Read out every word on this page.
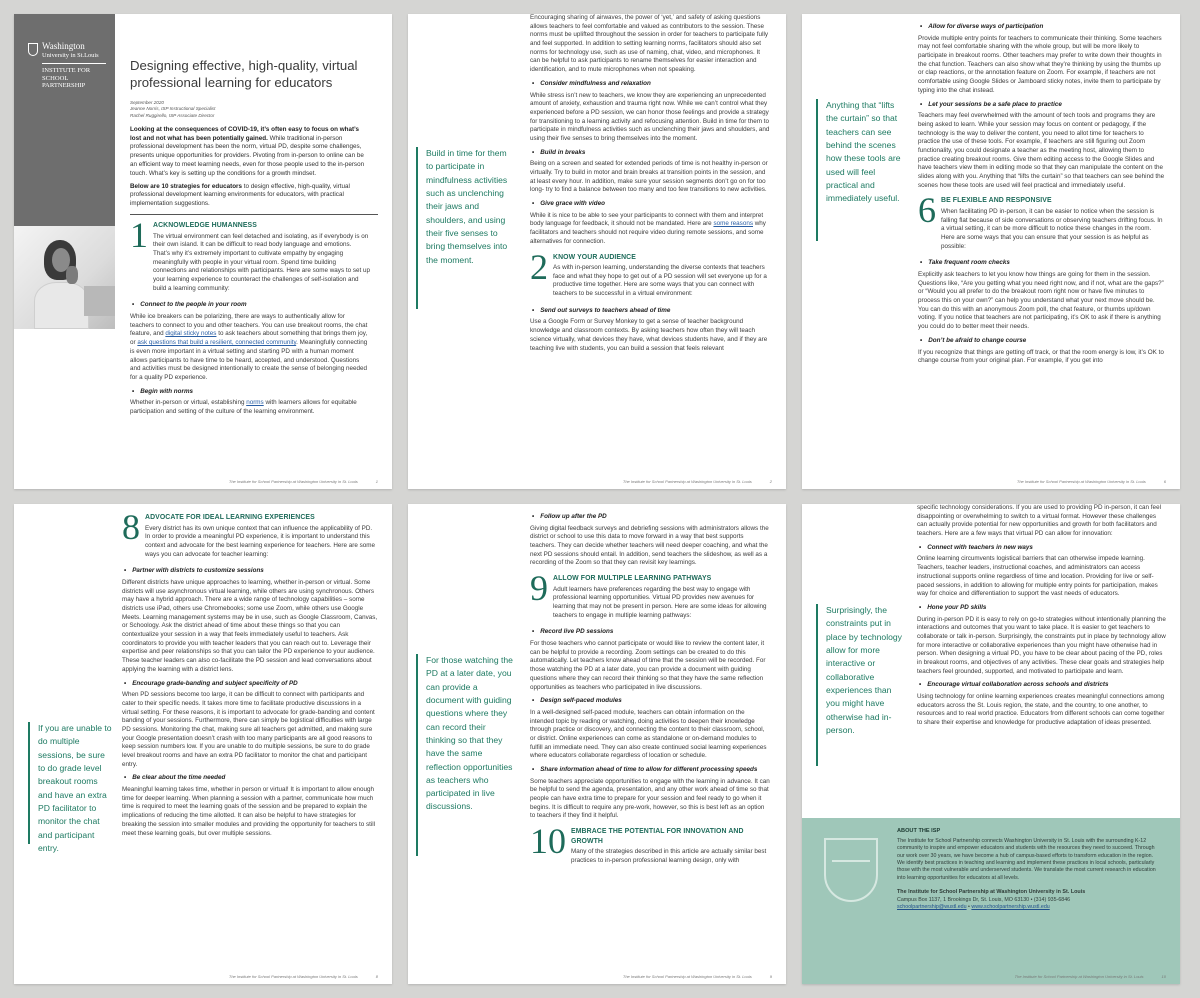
Washington
University in St.Louis
INSTITUTE FOR
SCHOOL PARTNERSHIP
Designing effective, high-quality, virtual professional learning for educators
September 2020
Jeanne Norris, ISP Instructional Specialist
Rachel Ruggirello, ISP Associate Director
Looking at the consequences of COVID-19, it’s often easy to focus on what’s lost and not what has been potentially gained. While traditional in-person professional development has been the norm, virtual PD, despite some challenges, presents unique opportunities for providers. Pivoting from in-person to online can be an efficient way to meet learning needs, even for those people used to the in-person touch. What’s key is setting up the conditions for a growth mindset.
Below are 10 strategies for educators to design effective, high-quality, virtual professional development learning environments for educators, with practical implementation suggestions.
1 ACKNOWLEDGE HUMANNESS

The virtual environment can feel detached and isolating, as if everybody is on their own island. It can be difficult to read body language and emotions. That’s why it’s extremely important to cultivate empathy by engaging meaningfully with people in your virtual room. Spend time building connections and relationships with participants. Here are some ways to set up your learning experience to counteract the challenges of self-isolation and build a learning community:

• Connect to the people in your room

While ice breakers can be polarizing, there are ways to authentically allow for teachers to connect to you and other teachers. You can use breakout rooms, the chat feature, and digital sticky notes to ask teachers about something that brings them joy, or ask questions that build a resilient, connected community. Meaningfully connecting is even more important in a virtual setting and starting PD with a human moment allows participants to have time to be heard, accepted, and understood. Questions and activities must be designed intentionally to create the sense of belonging needed for a quality PD experience.

• Begin with norms

Whether in-person or virtual, establishing norms with learners allows for equitable participation and setting of the culture of the learning environment.

The Institute for School Partnership at Washington University in St. Louis	1
Build in time for them to participate in mindfulness activities such as unclenching their jaws and shoulders, and using their five senses to bring themselves into the moment.

Encouraging sharing of airwaves, the power of ‘yet,’ and safety of asking questions allows teachers to feel comfortable and valued as contributors to the session. These norms must be uplifted throughout the session in order for teachers to participate fully and feel supported. In addition to setting learning norms, facilitators should also set norms for technology use, such as use of naming, chat, video, and microphones. It can be helpful to ask participants to rename themselves for easier interaction and identification, and to mute microphones when not speaking.

• Consider mindfulness and relaxation

While stress isn’t new to teachers, we know they are experiencing an unprecedented amount of anxiety, exhaustion and trauma right now. While we can’t control what they experienced before a PD session, we can honor those feelings and provide a strategy for transitioning to a learning activity and refocusing attention. Build in time for them to participate in mindfulness activities such as unclenching their jaws and shoulders, and using their five senses to bring themselves into the moment.

• Build in breaks

Being on a screen and seated for extended periods of time is not healthy in-person or virtually. Try to build in motor and brain breaks at transition points in the session, and at least every hour. In addition, make sure your session segments don’t go on for too long- try to find a balance between too many and too few transitions to new activities.

• Give grace with video

While it is nice to be able to see your participants to connect with them and interpret body language for feedback, it should not be mandated. Here are some reasons why facilitators and teachers should not require video during remote sessions, and some alternatives for connection.

2 KNOW YOUR AUDIENCE

As with in-person learning, understanding the diverse contexts that teachers face and what they hope to get out of a PD session will set everyone up for a productive time together. Here are some ways that you can connect with teachers to be successful in a virtual environment:

• Send out surveys to teachers ahead of time

Use a Google Form or Survey Monkey to get a sense of teacher background knowledge and classroom contexts. By asking teachers how often they will teach science virtually, what devices they have, what devices students have, and if they are teaching live with students, you can build a session that feels relevant

The Institute for School Partnership at Washington University in St. Louis	2
Anything that “lifts the curtain” so that teachers can see behind the scenes how these tools are used will feel practical and immediately useful.
• Allow for diverse ways of participation

Provide multiple entry points for teachers to communicate their thinking. Some teachers may not feel comfortable sharing with the whole group, but will be more likely to participate in breakout rooms. Other teachers may prefer to write down their thoughts in the chat function. Teachers can also show what they’re thinking by using the thumbs up or clap reactions, or the annotation feature on Zoom. For example, if teachers are not comfortable using Google Slides or Jamboard sticky notes, invite them to participate by typing into the chat instead.

• Let your sessions be a safe place to practice

Teachers may feel overwhelmed with the amount of tech tools and programs they are being asked to learn. While your session may focus on content or pedagogy, if the technology is the way to deliver the content, you need to allot time for teachers to practice the use of these tools. For example, if teachers are still figuring out Zoom functionality, you could designate a teacher as the meeting host, allowing them to practice creating breakout rooms. Give them editing access to the Google Slides and have teachers view them in editing mode so that they can manipulate the content on the slides along with you. Anything that “lifts the curtain” so that teachers can see behind the scenes how these tools are used will feel practical and immediately useful.

6 BE FLEXIBLE AND RESPONSIVE

When facilitating PD in-person, it can be easier to notice when the session is falling flat because of side conversations or observing teachers drifting focus. In a virtual setting, it can be more difficult to notice these changes in the room. Here are some ways that you can ensure that your session is as helpful as possible:

• Take frequent room checks

Explicitly ask teachers to let you know how things are going for them in the session. Questions like, “Are you getting what you need right now, and if not, what are the gaps?” or “Would you all prefer to do the breakout room right now or have five minutes to process this on your own?” can help you understand what your next move should be. You can do this with an anonymous Zoom poll, the chat feature, or thumbs up/down voting. If you notice that teachers are not participating, it’s OK to ask if there is anything you could do to better meet their needs.

• Don’t be afraid to change course

If you recognize that things are getting off track, or that the room energy is low, it’s OK to change course from your original plan. For example, if you get into

The Institute for School Partnership at Washington University in St. Louis	6
If you are unable to do multiple sessions, be sure to do grade level breakout rooms and have an extra PD facilitator to monitor the chat and participant entry.
8 ADVOCATE FOR IDEAL LEARNING EXPERIENCES

Every district has its own unique context that can influence the applicability of PD. In order to provide a meaningful PD experience, it is important to understand this context and advocate for the best learning experience for teachers. Here are some ways you can advocate for teacher learning:

• Partner with districts to customize sessions

Different districts have unique approaches to learning, whether in-person or virtual. Some districts will use asynchronous virtual learning, while others are using synchronous. Others may have a hybrid approach. There are a wide range of technology capabilities – some districts use iPad, others use Chromebooks; some use Zoom, while others use Google Meets. Learning management systems may be in use, such as Google Classroom, Canvas, or Schoology. Ask the district ahead of time about these things so that you can contextualize your session in a way that feels immediately useful to teachers. Ask coordinators to provide you with teacher leaders that you can reach out to. Leverage their expertise and peer relationships so that you can tailor the PD experience to your audience. These teacher leaders can also co-facilitate the PD session and lead conversations about applying the learning with a district lens.

• Encourage grade-banding and subject specificity of PD

When PD sessions become too large, it can be difficult to connect with participants and cater to their specific needs. It takes more time to facilitate productive discussions in a virtual setting. For these reasons, it is important to advocate for grade-banding and content banding of your sessions. Furthermore, there can simply be logistical difficulties with large PD sessions. Monitoring the chat, making sure all teachers get admitted, and making sure your Google presentation doesn’t crash with too many participants are all good reasons to keep session numbers low. If you are unable to do multiple sessions, be sure to do grade level breakout rooms and have an extra PD facilitator to monitor the chat and participant entry.

• Be clear about the time needed

Meaningful learning takes time, whether in person or virtual! It is important to allow enough time for deeper learning. When planning a session with a partner, communicate how much time is required to meet the learning goals of the session and be prepared to explain the implications of reducing the time allotted. It can also be helpful to have strategies for breaking the session into smaller modules and providing the opportunity for teachers to still meet these learning goals, but over multiple sessions.

The Institute for School Partnership at Washington University in St. Louis	8
For those watching the PD at a later date, you can provide a document with guiding questions where they can record their thinking so that they have the same reflection opportunities as teachers who participated in live discussions.
• Follow up after the PD

Giving digital feedback surveys and debriefing sessions with administrators allows the district or school to use this data to move forward in a way that best supports teachers. They can decide whether teachers will need deeper coaching, and what the next PD sessions should entail. In addition, send teachers the slideshow, as well as a recording of the Zoom so that they can revisit key learnings.

9 ALLOW FOR MULTIPLE LEARNING PATHWAYS

Adult learners have preferences regarding the best way to engage with professional learning opportunities. Virtual PD provides new avenues for learning that may not be present in person. Here are some ideas for allowing teachers to engage in multiple learning pathways:

• Record live PD sessions

For those teachers who cannot participate or would like to review the content later, it can be helpful to provide a recording. Zoom settings can be created to do this automatically. Let teachers know ahead of time that the session will be recorded. For those watching the PD at a later date, you can provide a document with guiding questions where they can record their thinking so that they have the same reflection opportunities as teachers who participated in live discussions.

• Design self-paced modules

In a well-designed self-paced module, teachers can obtain information on the intended topic by reading or watching, doing activities to deepen their knowledge through practice or discovery, and connecting the content to their classroom, school, or district. Online experiences can come as standalone or on-demand modules to fulfill an immediate need. They can also create continued social learning experiences where educators collaborate regardless of location or schedule.

• Share information ahead of time to allow for different processing speeds

Some teachers appreciate opportunities to engage with the learning in advance. It can be helpful to send the agenda, presentation, and any other work ahead of time so that people can have extra time to prepare for your session and feel ready to go when it begins. It is difficult to require any pre-work, however, so this is best left as an option to teachers if they find it helpful.

10 EMBRACE THE POTENTIAL FOR INNOVATION AND GROWTH

Many of the strategies described in this article are actually similar best practices to in-person professional learning design, only with

The Institute for School Partnership at Washington University in St. Louis	9
Surprisingly, the constraints put in place by technology allow for more interactive or collaborative experiences than you might have otherwise had in-person.

specific technology considerations. If you are used to providing PD in-person, it can feel disappointing or overwhelming to switch to a virtual format. However these challenges can actually provide potential for new opportunities and growth for both facilitators and teachers. Here are a few ways that virtual PD can allow for innovation:

• Connect with teachers in new ways

Online learning circumvents logistical barriers that can otherwise impede learning. Teachers, teacher leaders, instructional coaches, and administrators can access instructional supports online regardless of time and location. Providing for live or self-paced sessions, in addition to allowing for multiple entry points for participation, makes way for choice and differentiation to support the vast needs of educators.

• Hone your PD skills

During in-person PD it is easy to rely on go-to strategies without intentionally planning the interactions and outcomes that you want to take place. It is easier to get teachers to collaborate or talk in-person. Surprisingly, the constraints put in place by technology allow for more interactive or collaborative experiences than you might have otherwise had in person. When designing a virtual PD, you have to be clear about pacing of the PD, roles in breakout rooms, and objectives of any activities. These clear goals and strategies help teachers feel grounded, supported, and motivated to participate and learn.

• Encourage virtual collaboration across schools and districts

Using technology for online learning experiences creates meaningful connections among educators across the St. Louis region, the state, and the country, to one another, to resources and to real world practice. Educators from different schools can come together to share their expertise and knowledge for productive adaptation of ideas presented.

ABOUT THE ISP

The Institute for School Partnership connects Washington University in St. Louis with the surrounding K-12 community to inspire and empower educators and students with the resources they need to succeed. Through our work over 30 years, we have become a hub of campus-based efforts to transform education in the region. We identify best practices in teaching and learning and implement these practices in local schools, particularly those with the most vulnerable and underserved students. We translate the most current research in education into learning opportunities for educators at all levels.

The Institute for School Partnership at Washington University in St. Louis
Campus Box 1137, 1 Brookings Dr, St. Louis, MO 63130 • (314) 935-6846
schoolpartnership@wustl.edu • www.schoolpartnership.wustl.edu
The Institute for School Partnership at Washington University in St. Louis	10
